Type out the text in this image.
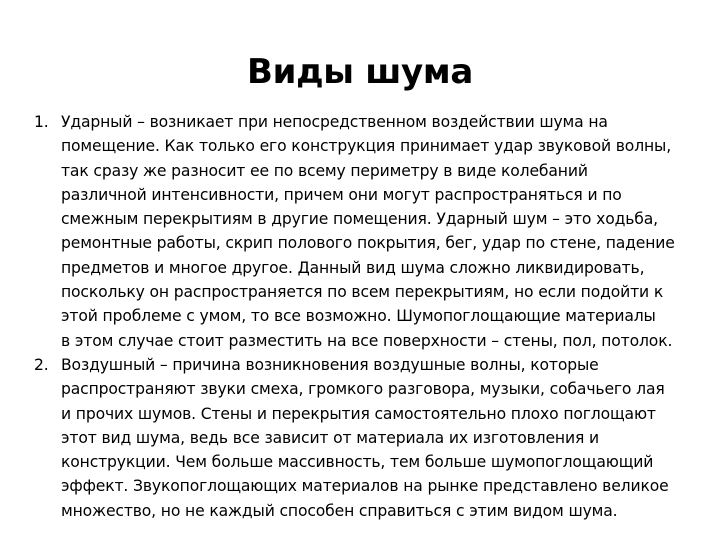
Виды шума
1. Ударный – возникает при непосредственном воздействии шума на
помещение. Как только его конструкция принимает удар звуковой волны,
так сразу же разносит ее по всему периметру в виде колебаний
различной интенсивности, причем они могут распространяться и по
смежным перекрытиям в другие помещения. Ударный шум – это ходьба,
ремонтные работы, скрип полового покрытия, бег, удар по стене, падение
предметов и многое другое. Данный вид шума сложно ликвидировать,
поскольку он распространяется по всем перекрытиям, но если подойти к
этой проблеме с умом, то все возможно. Шумопоглощающие материалы
в этом случае стоит разместить на все поверхности – стены, пол, потолок.
2. Воздушный – причина возникновения воздушные волны, которые
распространяют звуки смеха, громкого разговора, музыки, собачьего лая
и прочих шумов. Стены и перекрытия самостоятельно плохо поглощают
этот вид шума, ведь все зависит от материала их изготовления и
конструкции. Чем больше массивность, тем больше шумопоглощающий
эффект. Звукопоглощающих материалов на рынке представлено великое
множество, но не каждый способен справиться с этим видом шума.
